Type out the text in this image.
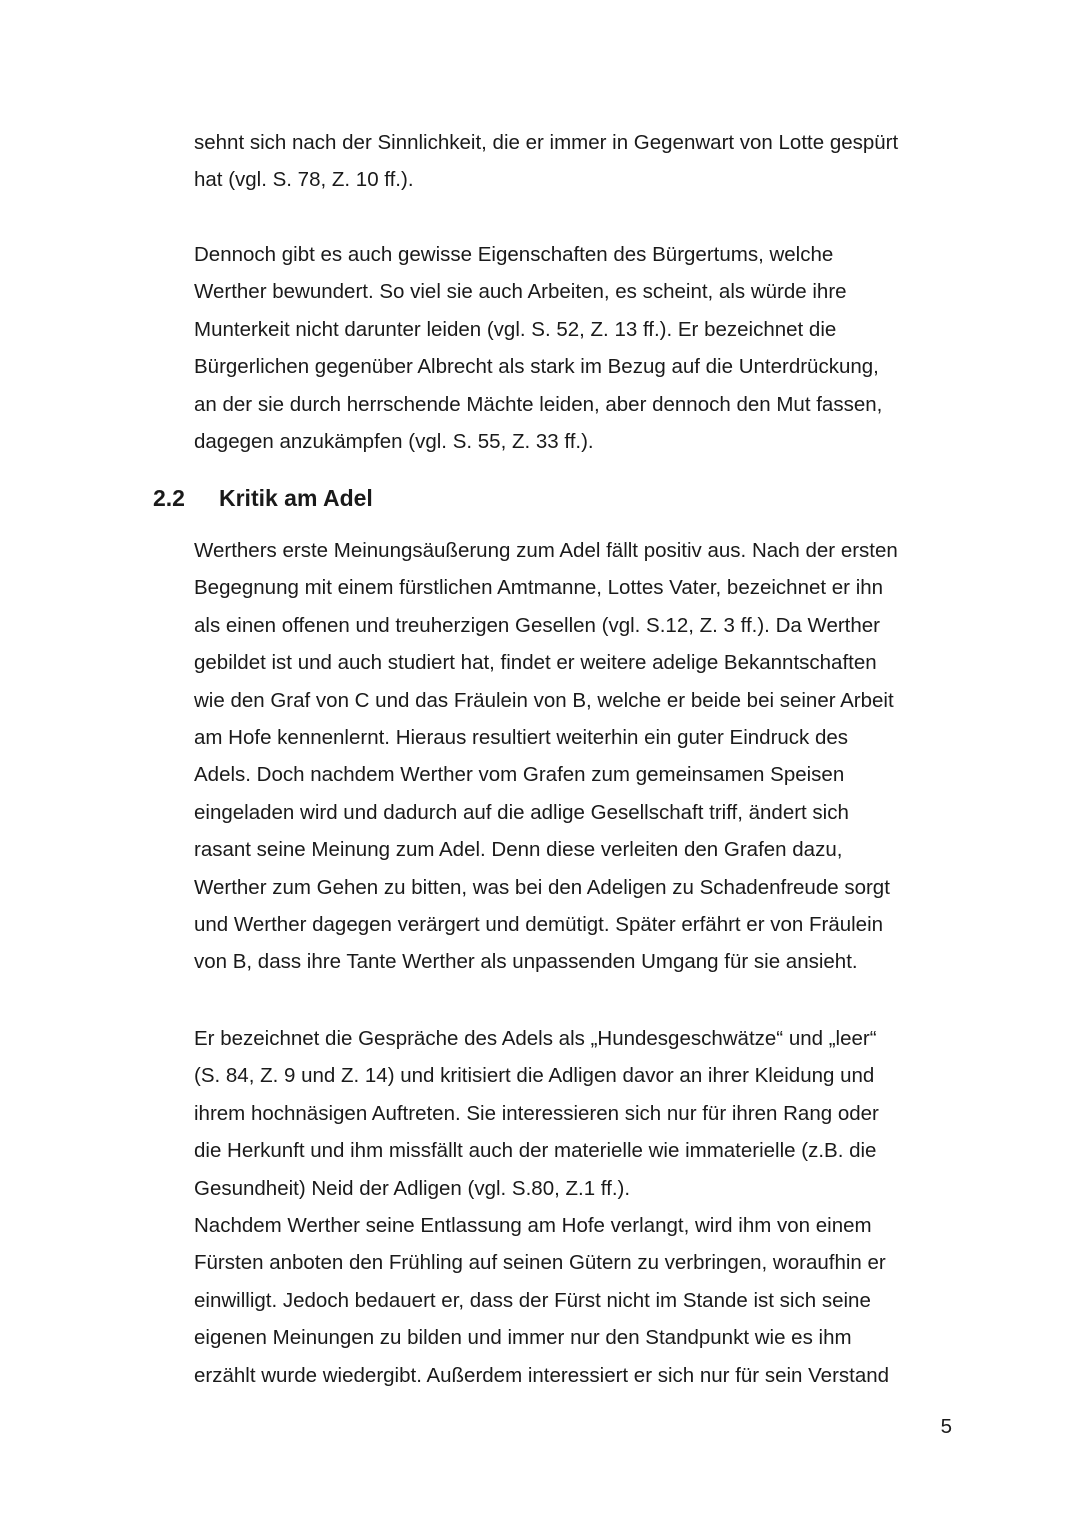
sehnt sich nach der Sinnlichkeit, die er immer in Gegenwart von Lotte gespürt
hat (vgl. S. 78, Z. 10 ff.).
Dennoch gibt es auch gewisse Eigenschaften des Bürgertums, welche
Werther bewundert. So viel sie auch Arbeiten, es scheint, als würde ihre
Munterkeit nicht darunter leiden (vgl. S. 52, Z. 13 ff.). Er bezeichnet die
Bürgerlichen gegenüber Albrecht als stark im Bezug auf die Unterdrückung,
an der sie durch herrschende Mächte leiden, aber dennoch den Mut fassen,
dagegen anzukämpfen (vgl. S. 55, Z. 33 ff.).
2.2 Kritik am Adel
Werthers erste Meinungsäußerung zum Adel fällt positiv aus. Nach der ersten
Begegnung mit einem fürstlichen Amtmanne, Lottes Vater, bezeichnet er ihn
als einen offenen und treuherzigen Gesellen (vgl. S.12, Z. 3 ff.). Da Werther
gebildet ist und auch studiert hat, findet er weitere adelige Bekanntschaften
wie den Graf von C und das Fräulein von B, welche er beide bei seiner Arbeit
am Hofe kennenlernt. Hieraus resultiert weiterhin ein guter Eindruck des
Adels. Doch nachdem Werther vom Grafen zum gemeinsamen Speisen
eingeladen wird und dadurch auf die adlige Gesellschaft triff, ändert sich
rasant seine Meinung zum Adel. Denn diese verleiten den Grafen dazu,
Werther zum Gehen zu bitten, was bei den Adeligen zu Schadenfreude sorgt
und Werther dagegen verärgert und demütigt. Später erfährt er von Fräulein
von B, dass ihre Tante Werther als unpassenden Umgang für sie ansieht.
Er bezeichnet die Gespräche des Adels als „Hundesgeschwätze“ und „leer“
(S. 84, Z. 9 und Z. 14) und kritisiert die Adligen davor an ihrer Kleidung und
ihrem hochnäsigen Auftreten. Sie interessieren sich nur für ihren Rang oder
die Herkunft und ihm missfällt auch der materielle wie immaterielle (z.B. die
Gesundheit) Neid der Adligen (vgl. S.80, Z.1 ff.).
Nachdem Werther seine Entlassung am Hofe verlangt, wird ihm von einem
Fürsten anboten den Frühling auf seinen Gütern zu verbringen, woraufhin er
einwilligt. Jedoch bedauert er, dass der Fürst nicht im Stande ist sich seine
eigenen Meinungen zu bilden und immer nur den Standpunkt wie es ihm
erzählt wurde wiedergibt. Außerdem interessiert er sich nur für sein Verstand
5
